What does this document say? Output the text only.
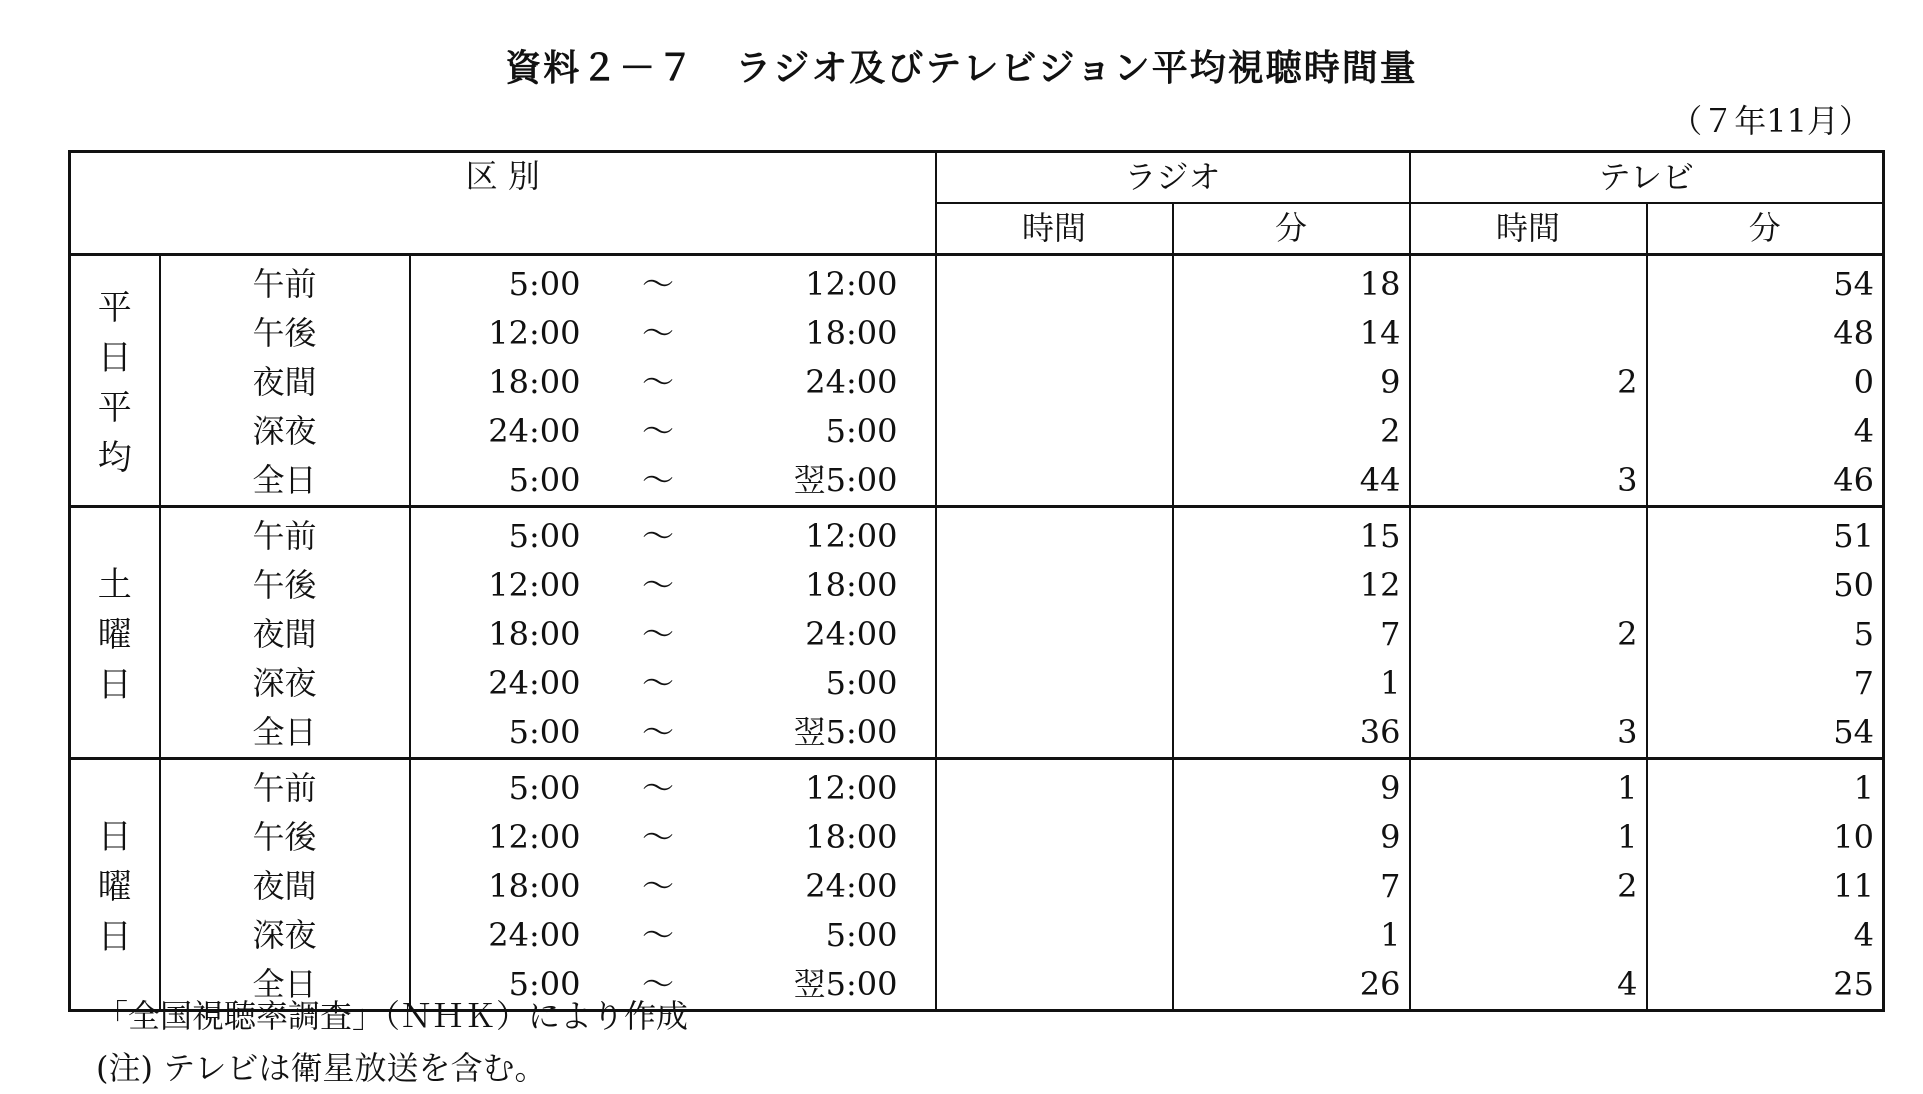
資料２－７ ラジオ及びテレビジョン平均視聴時間量
（７年11月）
区 別			ラジオ		テレビ	
			時間	分	時間	分

平
日
平
均	午前	5:00 ～ 12:00		18		54
	午後	12:00 ～ 18:00		14		48
	夜間	18:00 ～ 24:00		9	2	0
	深夜	24:00 ～ 5:00		2		4
	全日	5:00 ～ 翌5:00		44	3	46

土
曜
日	午前	5:00 ～ 12:00		15		51
	午後	12:00 ～ 18:00		12		50
	夜間	18:00 ～ 24:00		7	2	5
	深夜	24:00 ～ 5:00		1		7
	全日	5:00 ～ 翌5:00		36	3	54

日
曜
日	午前	5:00 ～ 12:00		9	1	1
	午後	12:00 ～ 18:00		9	1	10
	夜間	18:00 ～ 24:00		7	2	11
	深夜	24:00 ～ 5:00		1		4
	全日	5:00 ～ 翌5:00		26	4	25
「全国視聴率調査」（ＮＨＫ）により作成
(注) テレビは衛星放送を含む。
